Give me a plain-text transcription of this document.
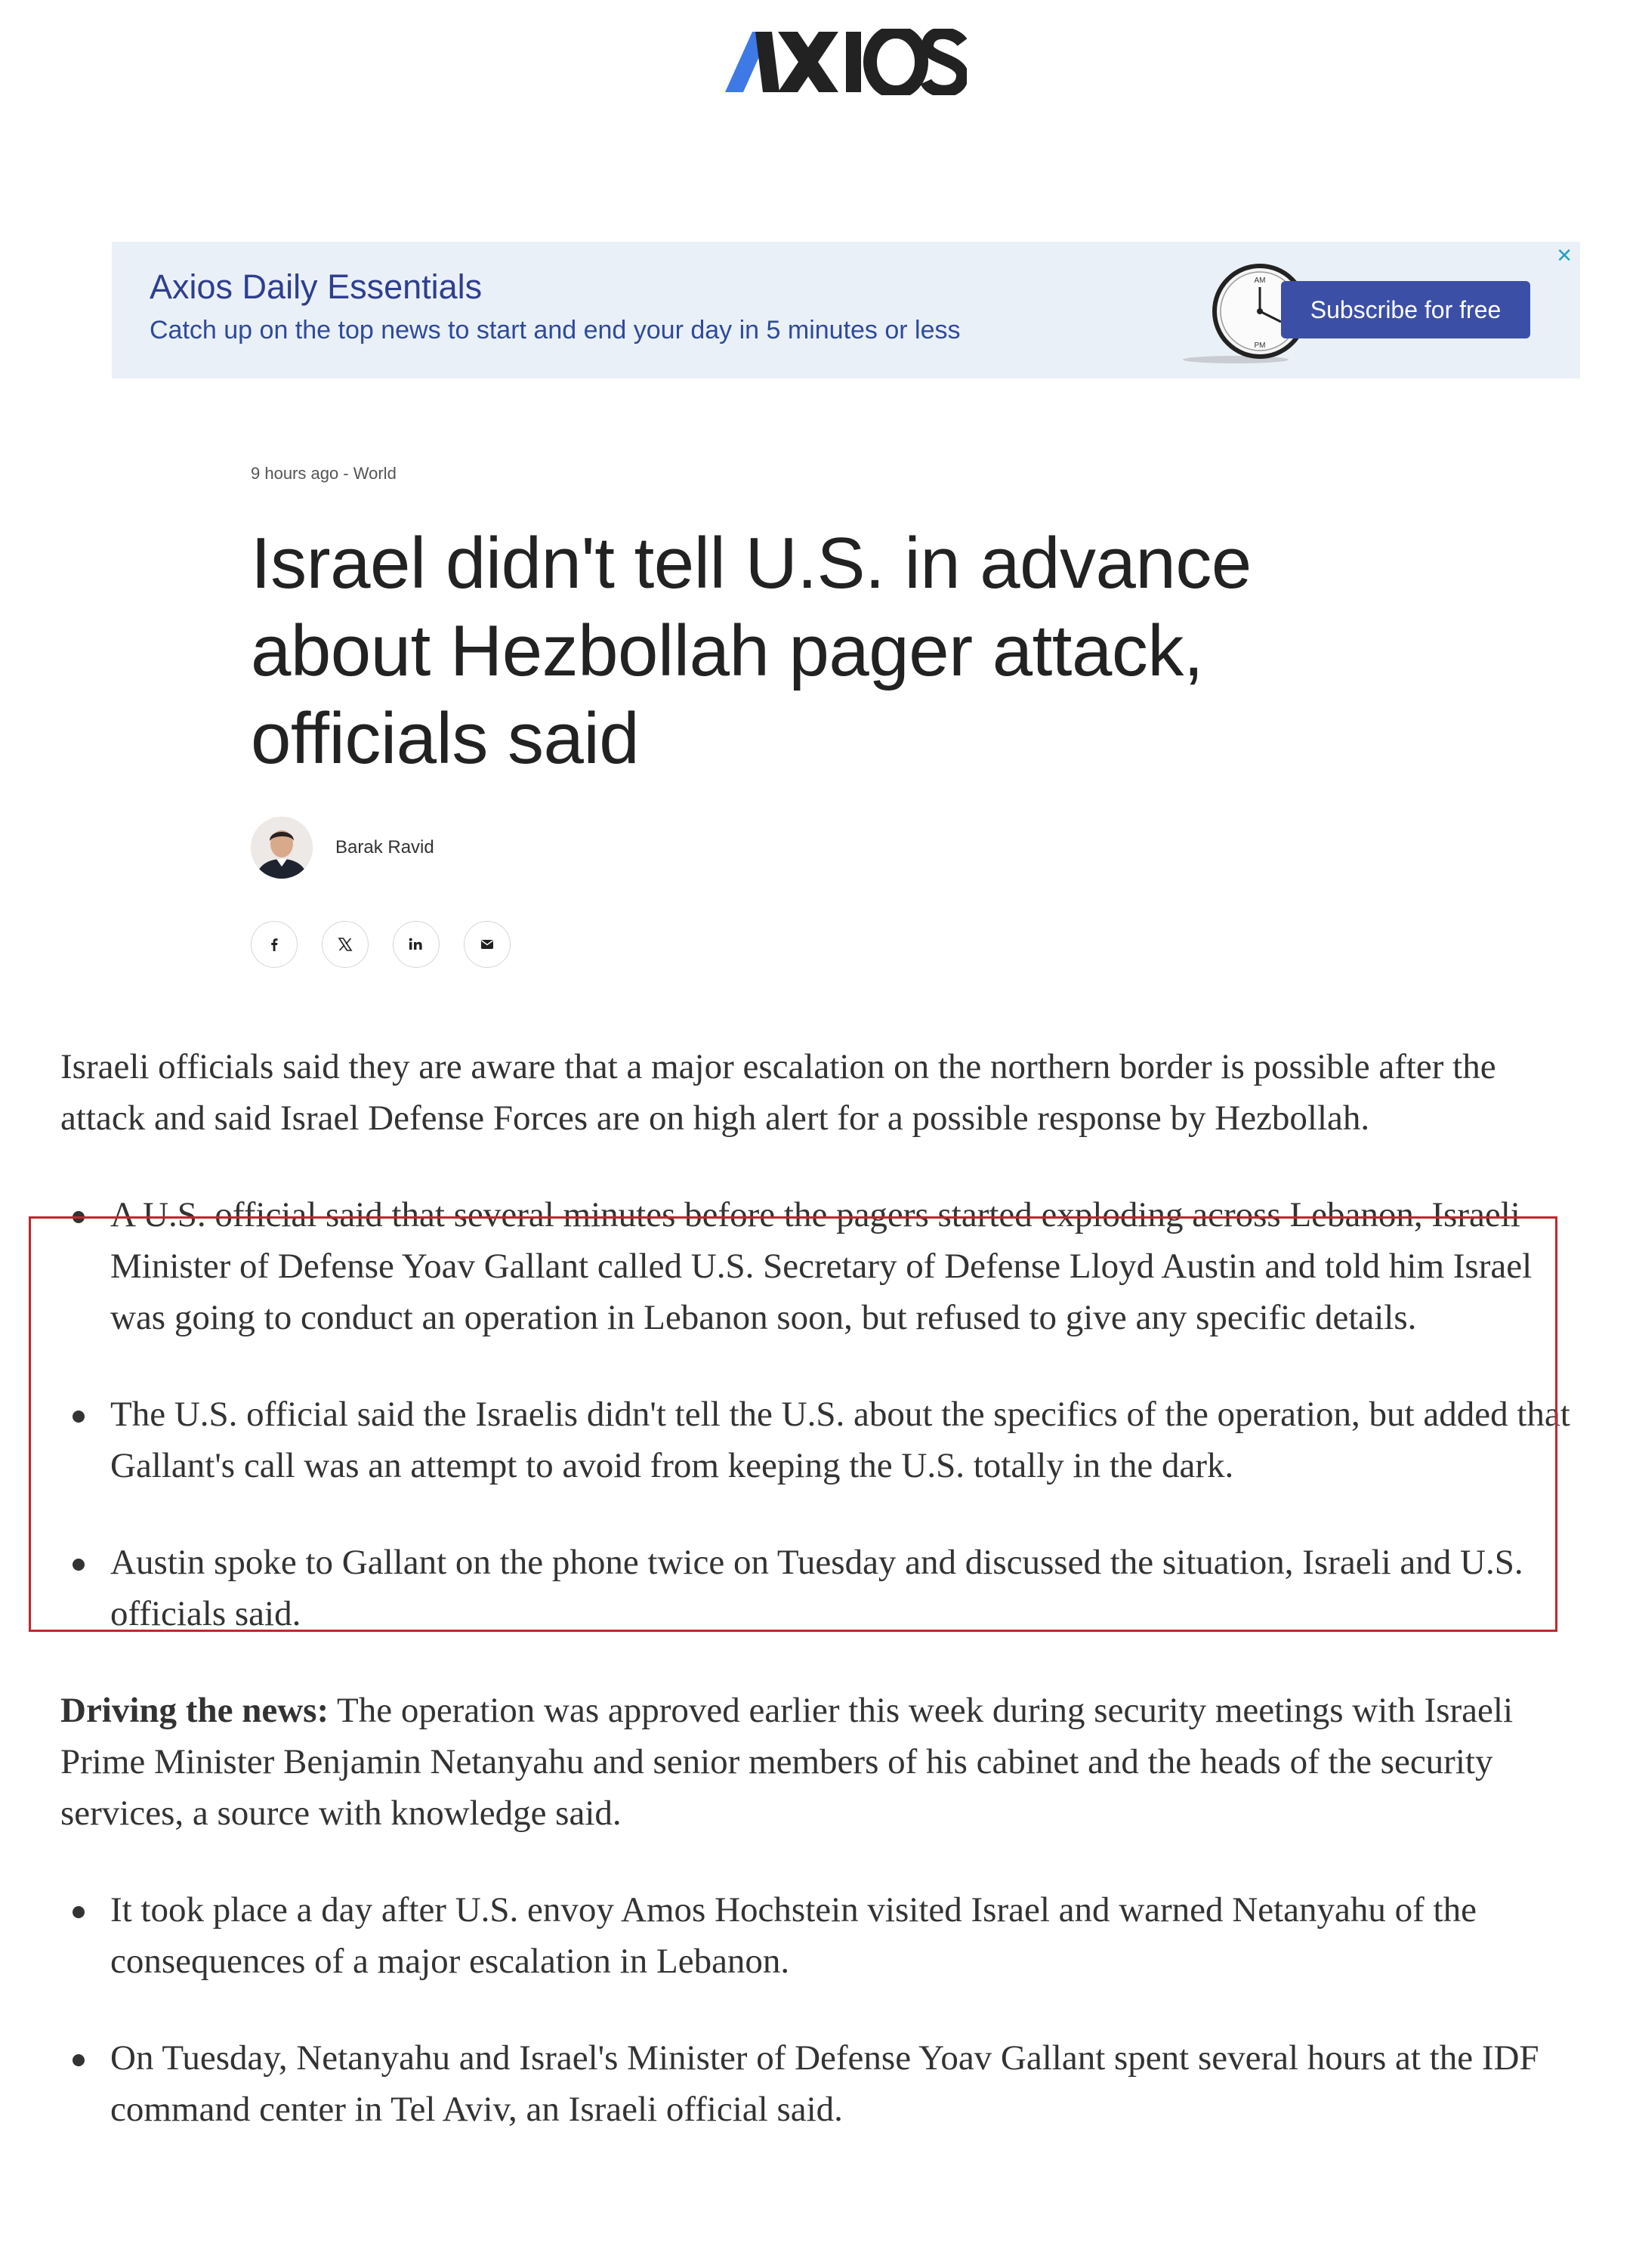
✕
Axios Daily Essentials
Catch up on the top news to start and end your day in 5 minutes or less
AM
PM
Subscribe for free
9 hours ago - World
Israel didn't tell U.S. in advance about Hezbollah pager attack, officials said
Barak Ravid

Israeli officials said they are aware that a major escalation on the northern border is possible after the attack and said Israel Defense Forces are on high alert for a possible response by Hezbollah.

A U.S. official said that several minutes before the pagers started exploding across Lebanon, Israeli Minister of Defense Yoav Gallant called U.S. Secretary of Defense Lloyd Austin and told him Israel was going to conduct an operation in Lebanon soon, but refused to give any specific details.
The U.S. official said the Israelis didn't tell the U.S. about the specifics of the operation, but added that Gallant's call was an attempt to avoid from keeping the U.S. totally in the dark.
Austin spoke to Gallant on the phone twice on Tuesday and discussed the situation, Israeli and U.S. officials said.

Driving the news: The operation was approved earlier this week during security meetings with Israeli Prime Minister Benjamin Netanyahu and senior members of his cabinet and the heads of the security services, a source with knowledge said.

It took place a day after U.S. envoy Amos Hochstein visited Israel and warned Netanyahu of the consequences of a major escalation in Lebanon.
On Tuesday, Netanyahu and Israel's Minister of Defense Yoav Gallant spent several hours at the IDF command center in Tel Aviv, an Israeli official said.
